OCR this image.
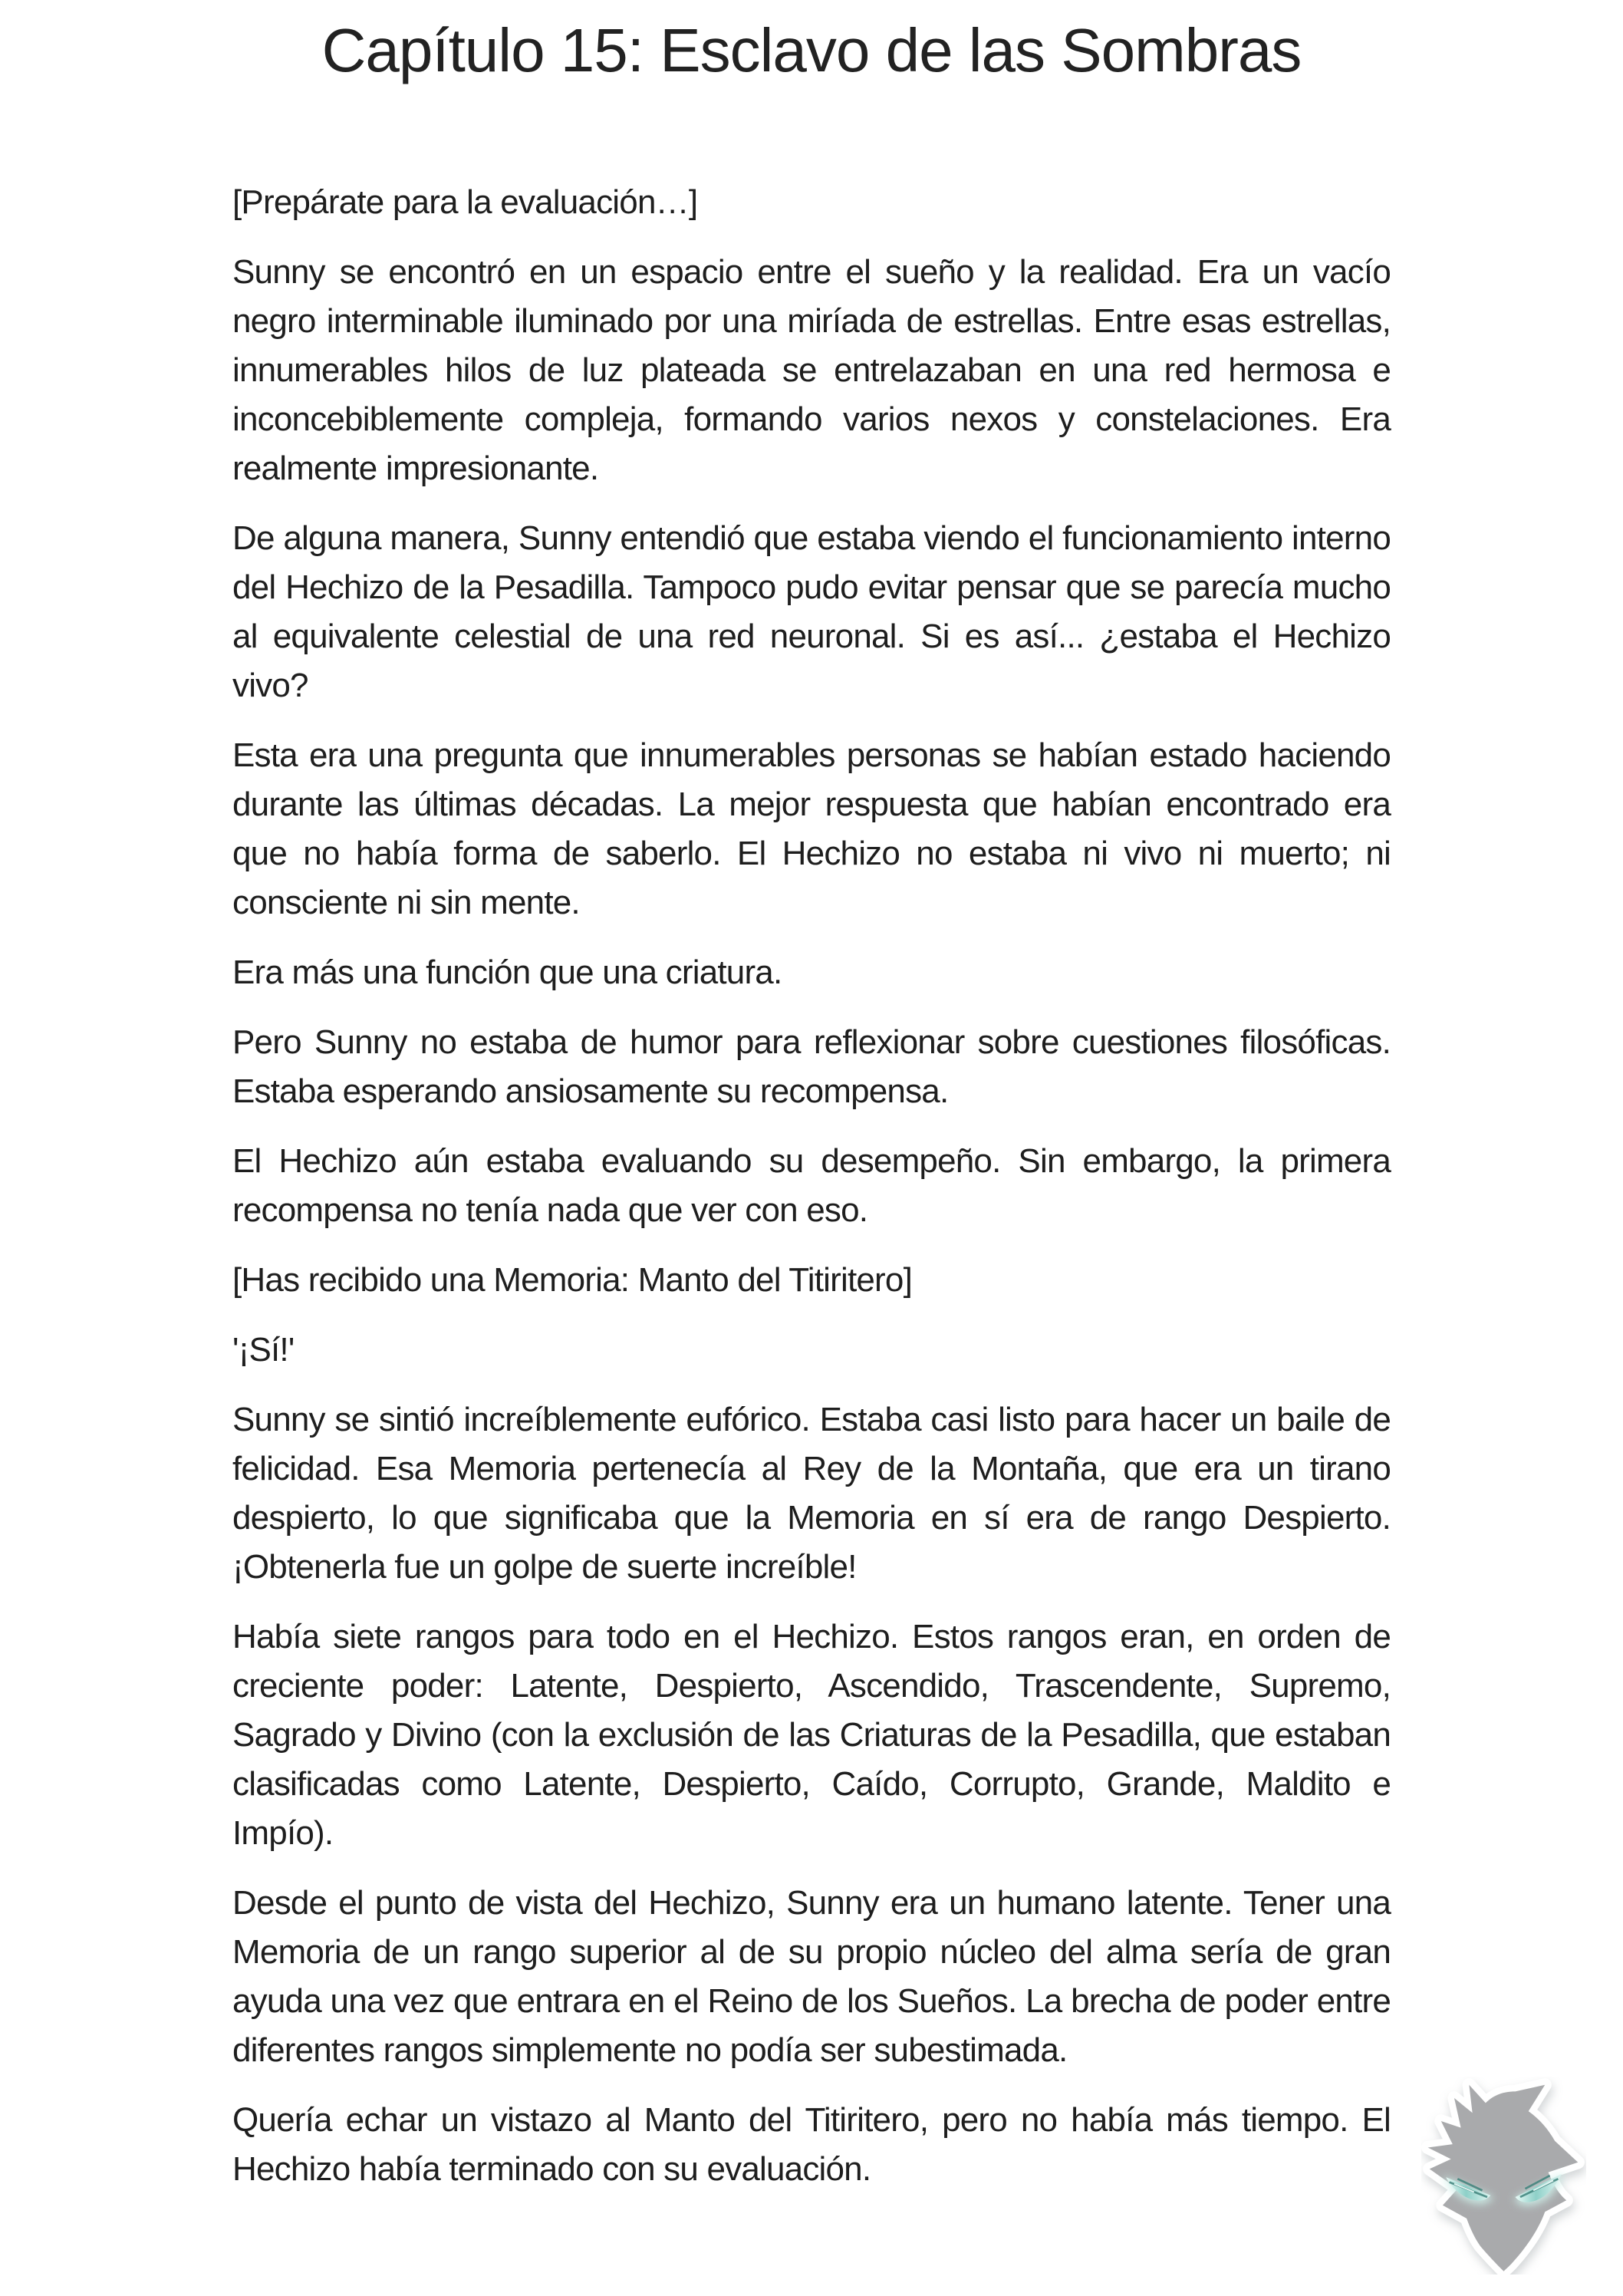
Capítulo 15: Esclavo de las Sombras

[Prepárate para la evaluación…]

Sunny se encontró en un espacio entre el sueño y la realidad. Era un vacío negro interminable iluminado por una miríada de estrellas. Entre esas estrellas, innumerables hilos de luz plateada se entrelazaban en una red hermosa e inconcebiblemente compleja, formando varios nexos y constelaciones. Era realmente impresionante.

De alguna manera, Sunny entendió que estaba viendo el funcionamiento interno del Hechizo de la Pesadilla. Tampoco pudo evitar pensar que se parecía mucho al equivalente celestial de una red neuronal. Si es así... ¿estaba el Hechizo vivo?

Esta era una pregunta que innumerables personas se habían estado haciendo durante las últimas décadas. La mejor respuesta que habían encontrado era que no había forma de saberlo. El Hechizo no estaba ni vivo ni muerto; ni consciente ni sin mente.

Era más una función que una criatura.

Pero Sunny no estaba de humor para reflexionar sobre cuestiones filosóficas. Estaba esperando ansiosamente su recompensa.

El Hechizo aún estaba evaluando su desempeño. Sin embargo, la primera recompensa no tenía nada que ver con eso.

[Has recibido una Memoria: Manto del Titiritero]

'¡Sí!'

Sunny se sintió increíblemente eufórico. Estaba casi listo para hacer un baile de felicidad. Esa Memoria pertenecía al Rey de la Montaña, que era un tirano despierto, lo que significaba que la Memoria en sí era de rango Despierto. ¡Obtenerla fue un golpe de suerte increíble!

Había siete rangos para todo en el Hechizo. Estos rangos eran, en orden de creciente poder: Latente, Despierto, Ascendido, Trascendente, Supremo, Sagrado y Divino (con la exclusión de las Criaturas de la Pesadilla, que estaban clasificadas como Latente, Despierto, Caído, Corrupto, Grande, Maldito e Impío).

Desde el punto de vista del Hechizo, Sunny era un humano latente. Tener una Memoria de un rango superior al de su propio núcleo del alma sería de gran ayuda una vez que entrara en el Reino de los Sueños. La brecha de poder entre diferentes rangos simplemente no podía ser subestimada.

Quería echar un vistazo al Manto del Titiritero, pero no había más tiempo. El Hechizo había terminado con su evaluación.
